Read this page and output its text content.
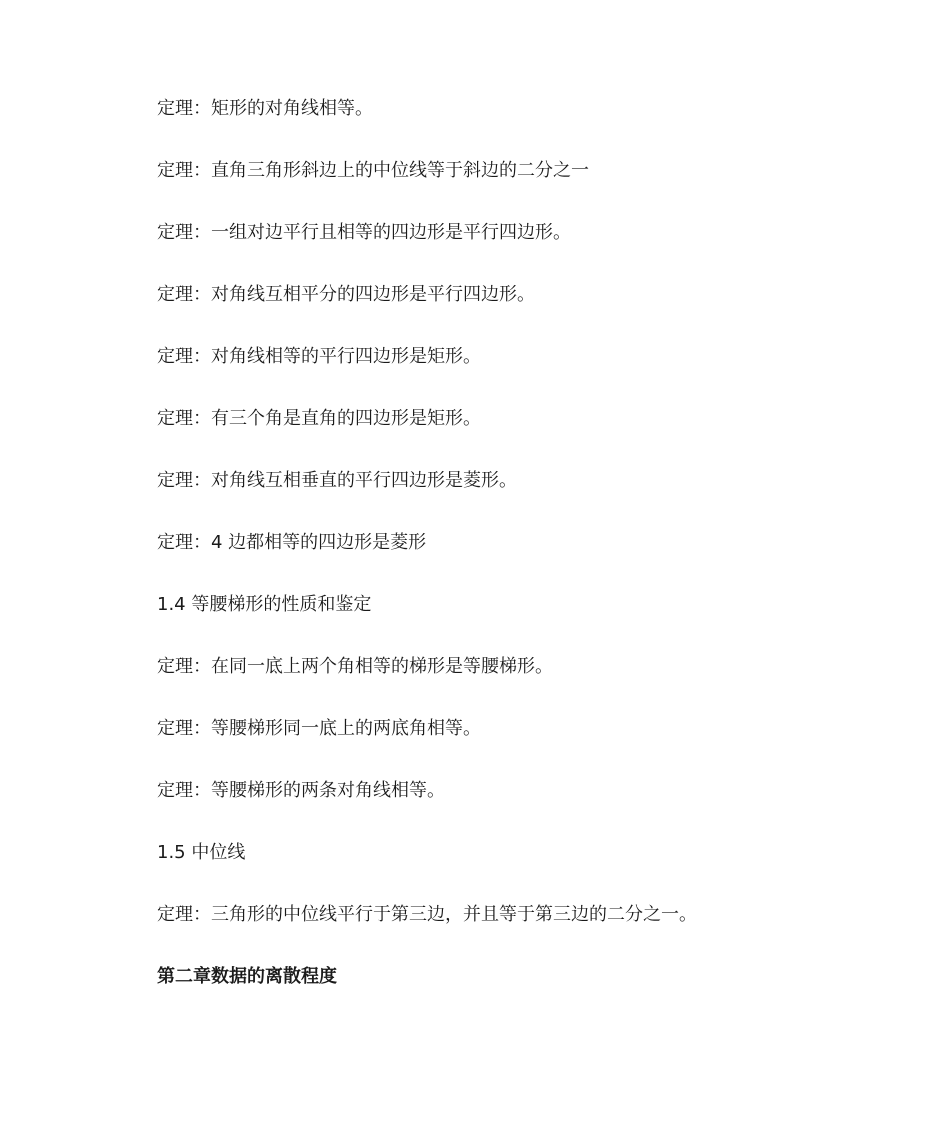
定理：矩形的对角线相等。

定理：直角三角形斜边上的中位线等于斜边的二分之一

定理：一组对边平行且相等的四边形是平行四边形。

定理：对角线互相平分的四边形是平行四边形。

定理：对角线相等的平行四边形是矩形。

定理：有三个角是直角的四边形是矩形。

定理：对角线互相垂直的平行四边形是菱形。

定理：4 边都相等的四边形是菱形

1.4 等腰梯形的性质和鉴定

定理：在同一底上两个角相等的梯形是等腰梯形。

定理：等腰梯形同一底上的两底角相等。

定理：等腰梯形的两条对角线相等。

1.5 中位线

定理：三角形的中位线平行于第三边，并且等于第三边的二分之一。

第二章数据的离散程度
